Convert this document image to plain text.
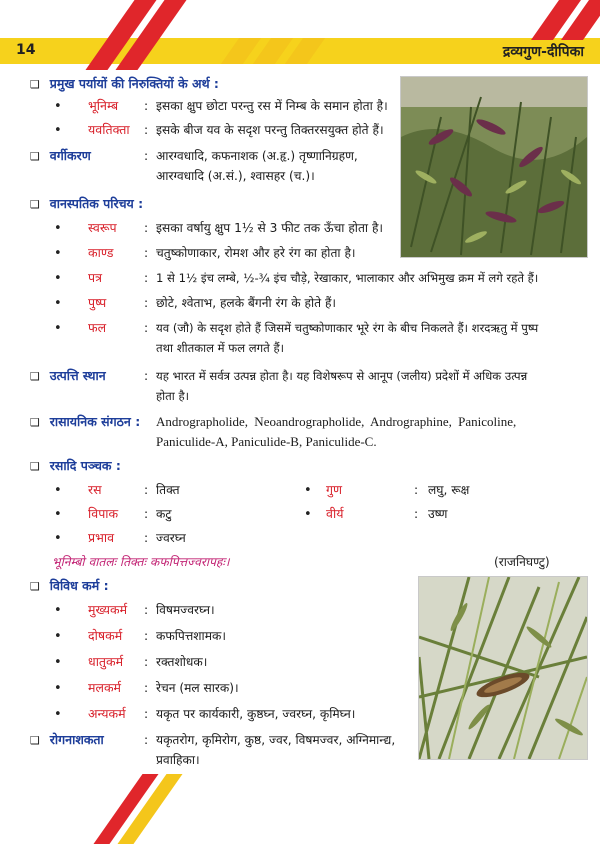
14	द्रव्यगुण-दीपिका
❑ प्रमुख पर्यायों की निरुक्तियों के अर्थ :
• भूनिम्ब : इसका क्षुप छोटा परन्तु रस में निम्ब के समान होता है।
• यवतिक्ता : इसके बीज यव के सदृश परन्तु तिक्तरसयुक्त होते हैं।
❑ वर्गीकरण	: आरग्वधादि, कफनाशक (अ.हृ.) तृष्णानिग्रहण,
आरग्वधादि (अ.सं.), श्वासहर (च.)।
❑ वानस्पतिक परिचय :
• स्वरूप : इसका वर्षायु क्षुप 1½ से 3 फीट तक ऊँचा होता है।
• काण्ड	: चतुष्कोणाकार, रोमश और हरे रंग का होता है।
• पत्र	: 1 से 1½ इंच लम्बे, ½-¾ इंच चौड़े, रेखाकार, भालाकार और अभिमुख क्रम में लगे रहते हैं।
• पुष्प	: छोटे, श्वेताभ, हलके बैंगनी रंग के होते हैं।
• फल	: यव (जौ) के सदृश होते हैं जिसमें चतुष्कोणाकार भूरे रंग के बीच निकलते हैं। शरदऋतु में पुष्प
तथा शीतकाल में फल लगते हैं।
❑ उत्पत्ति स्थान	: यह भारत में सर्वत्र उत्पन्न होता है। यह विशेषरूप से आनूप (जलीय) प्रदेशों में अधिक उत्पन्न
होता है।
❑ रासायनिक संगठन : Andrographolide, Neoandrographolide, Andrographine, Panicoline,
Paniculide-A, Paniculide-B, Paniculide-C.
❑ रसादि पञ्चक :
• रस	: तिक्त	• गुण	: लघु, रूक्ष
• विपाक : कटु	• वीर्य	: उष्ण
• प्रभाव : ज्वरघ्न
भूनिम्बो वातलः तिक्तः कफपित्तज्वरापहः।	(राजनिघण्टु)
❑ विविध कर्म :
• मुख्यकर्म : विषमज्वरघ्न।
• दोषकर्म : कफपित्तशामक।
• धातुकर्म : रक्तशोधक।
• मलकर्म : रेचन (मल सारक)।
• अन्यकर्म : यकृत पर कार्यकारी, कुष्ठघ्न, ज्वरघ्न, कृमिघ्न।
❑ रोगनाशकता	: यकृतरोग, कृमिरोग, कुष्ठ, ज्वर, विषमज्वर, अग्निमान्द्य,
प्रवाहिका।
